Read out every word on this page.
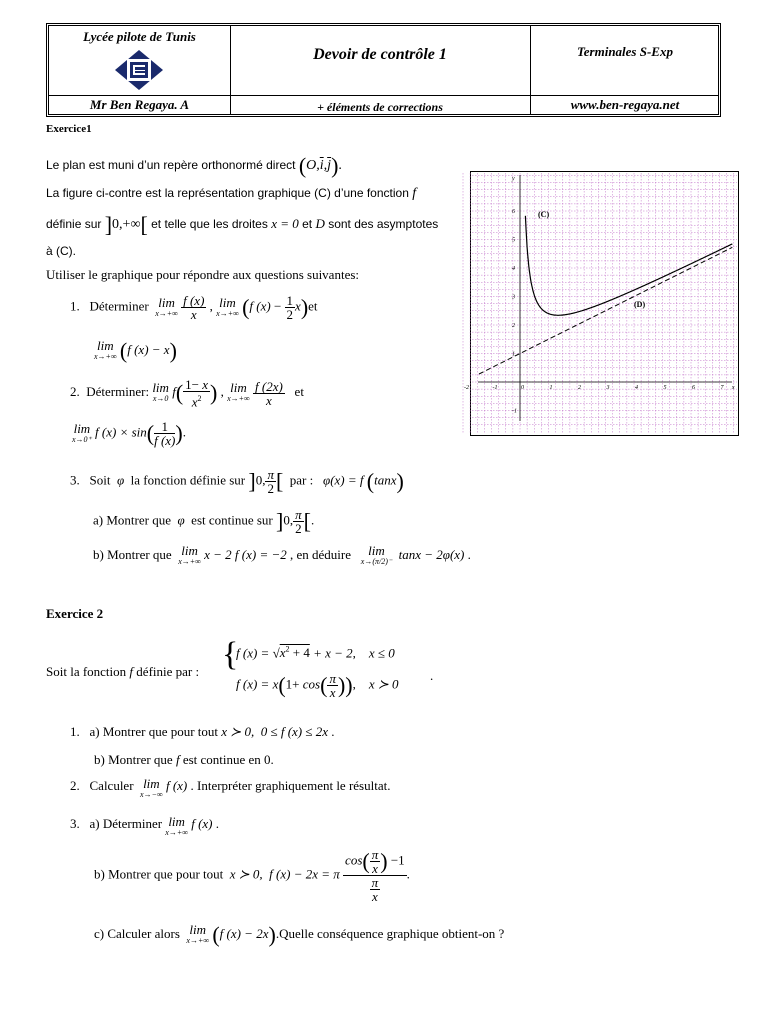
Lycée pilote de Tunis
Devoir de contrôle 1	Terminales S-Exp
Mr Ben Regaya. A	+ éléments de corrections	www.ben-regaya.net
Exercice1
Le plan est muni d’un repère orthonormé direct $(O,\overline{i},\overline{j})$.
La figure ci-contre est la représentation graphique (C) d’une fonction f
définie sur ]0,+∞[ et telle que les droites x = 0 et D sont des asymptotes
à (C).
Utiliser le graphique pour répondre aux questions suivantes:
1. Déterminer lim
x→+∞
$\frac{f (x)}{x}$ , lim
x→+∞ (f $(x) - \frac{1}{2} x)et$
lim
x→+∞ (f (x) − x)
2. Déterminer: lim
x→0 $f( \frac{1- x}{x^2}$ ) , lim
x→+∞
$\frac{f (2x)}{x}$ et
lim
x→0⁺ f $(x) \times \sin( \frac{1}{f (x)}$ ).
3. Soit φ la fonction définie sur ]0, $\frac{\pi}{2}$ [ par : φ(x) = f (tanx)
a) Montrer que φ est continue sur ]0, $\frac{\pi}{2}$ [.
b) Montrer que lim
x→+∞ x − 2 f (x) = −2 , en déduire	lim
x→(π/2)⁻ tanx − 2φ(x) .
(C)
(D)
-2	-1	0	1	2	3	4	5	6	7 x
y
6
5
4
3
2
1
-1
Exercice 2
Soit la fonction f définie par : {
f $(x) = √x^2 + 4 + x - 2$, x ≤ 0
f $(x) = x(1+ \cos( \frac{\pi}{x}$ )),    x ≻ 0
.
1. a) Montrer que pour tout x ≻ 0,  0 ≤ f (x) ≤ 2x .
b) Montrer que f est continue en 0.
2. Calculer lim
x→−∞
f (x) . Interpréter graphiquement le résultat.
3. a) Déterminer lim
x→+∞
f (x) .
b) Montrer que pour tout x ≻ 0,  f (x) − 2x = π $\frac{\cos( \frac{\pi}{x} ) -1}{\frac{\pi}{x}}$ .
c) Calculer alors lim
x→+∞ (f (x) − 2x).Quelle conséquence graphique obtient-on ?
